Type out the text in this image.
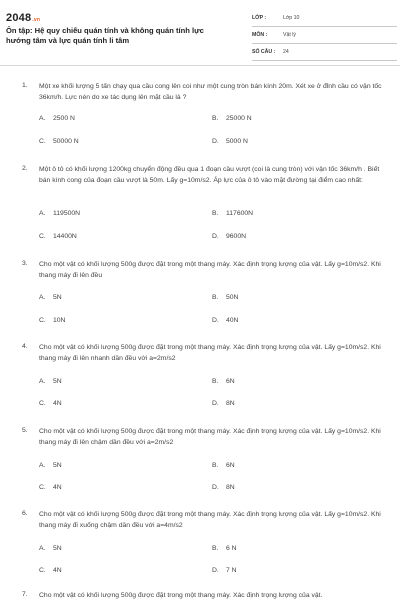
2048.vn
Ôn tập: Hệ quy chiếu quán tính và không quán tính lực hướng tâm và lực quán tính li tâm
LỚP :	Lớp 10
MÔN :	Vật lý
SỐ CÂU :	24
1. Một xe khối lượng 5 tấn chạy qua cầu cong lên coi như một cung tròn bán kính 20m. Xét xe ở đỉnh cầu có vận tốc 36km/h. Lực nén do xe tác dụng lên mặt cầu là ?
A. 2500 N	B. 25000 N
C. 50000 N	D. 5000 N
2. Một ô tô có khối lượng 1200kg chuyển động đều qua 1 đoạn cầu vượt (coi là cung tròn) với vận tốc 36km/h . Biết bán kính cong của đoạn cầu vượt là 50m. Lấy g=10m/s2. Áp lực của ô tô vào mặt đường tại điểm cao nhất:
A. 119500N	B. 117600N
C. 14400N	D. 9600N
3. Cho một vật có khối lượng 500g được đặt trong một thang máy. Xác định trọng lượng của vật. Lấy g=10m/s2. Khi thang máy đi lên đều
A. 5N	B. 50N
C. 10N	D. 40N
4. Cho một vật có khối lượng 500g được đặt trong một thang máy. Xác định trọng lượng của vật. Lấy g=10m/s2. Khi thang máy đi lên nhanh dần đều với a=2m/s2
A. 5N	B. 6N
C. 4N	D. 8N
5. Cho một vật có khối lượng 500g được đặt trong một thang máy. Xác định trọng lượng của vật. Lấy g=10m/s2. Khi thang máy đi lên chậm dần đều với a=2m/s2
A. 5N	B. 6N
C. 4N	D. 8N
6. Cho một vật có khối lượng 500g được đặt trong một thang máy. Xác định trọng lượng của vật. Lấy g=10m/s2. Khi thang máy đi xuống chậm dần đều với a=4m/s2
A. 5N	B. 6 N
C. 4N	D. 7 N
7. Cho một vật có khối lượng 500g được đặt trong một thang máy. Xác định trọng lượng của vật.
